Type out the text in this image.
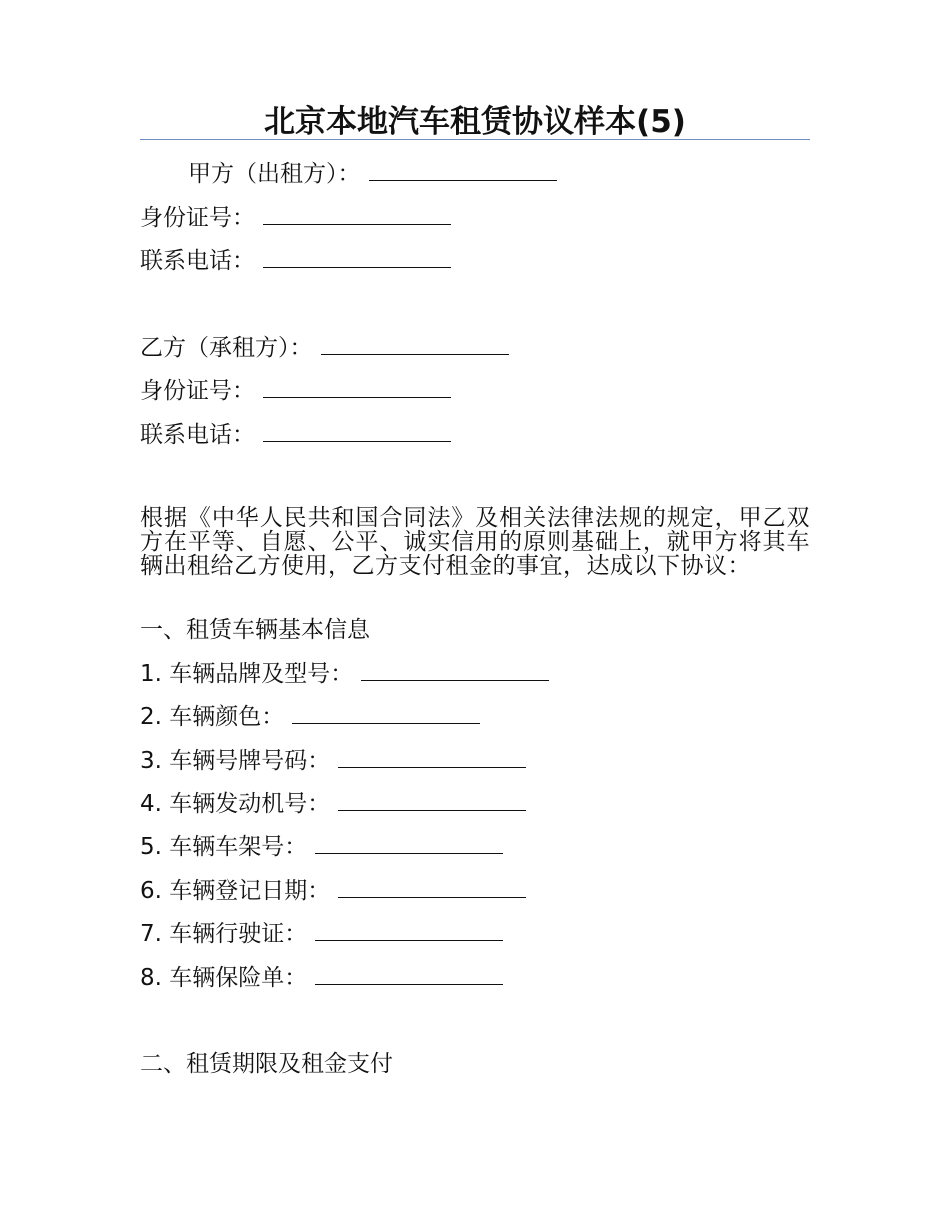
北京本地汽车租赁协议样本(5)
甲方（出租方）：
身份证号：
联系电话：
乙方（承租方）：
身份证号：
联系电话：
根据《中华人民共和国合同法》及相关法律法规的规定，甲乙双方在平等、自愿、公平、诚实信用的原则基础上，就甲方将其车辆出租给乙方使用，乙方支付租金的事宜，达成以下协议：
一、租赁车辆基本信息
1. 车辆品牌及型号：
2. 车辆颜色：
3. 车辆号牌号码：
4. 车辆发动机号：
5. 车辆车架号：
6. 车辆登记日期：
7. 车辆行驶证：
8. 车辆保险单：
二、租赁期限及租金支付
